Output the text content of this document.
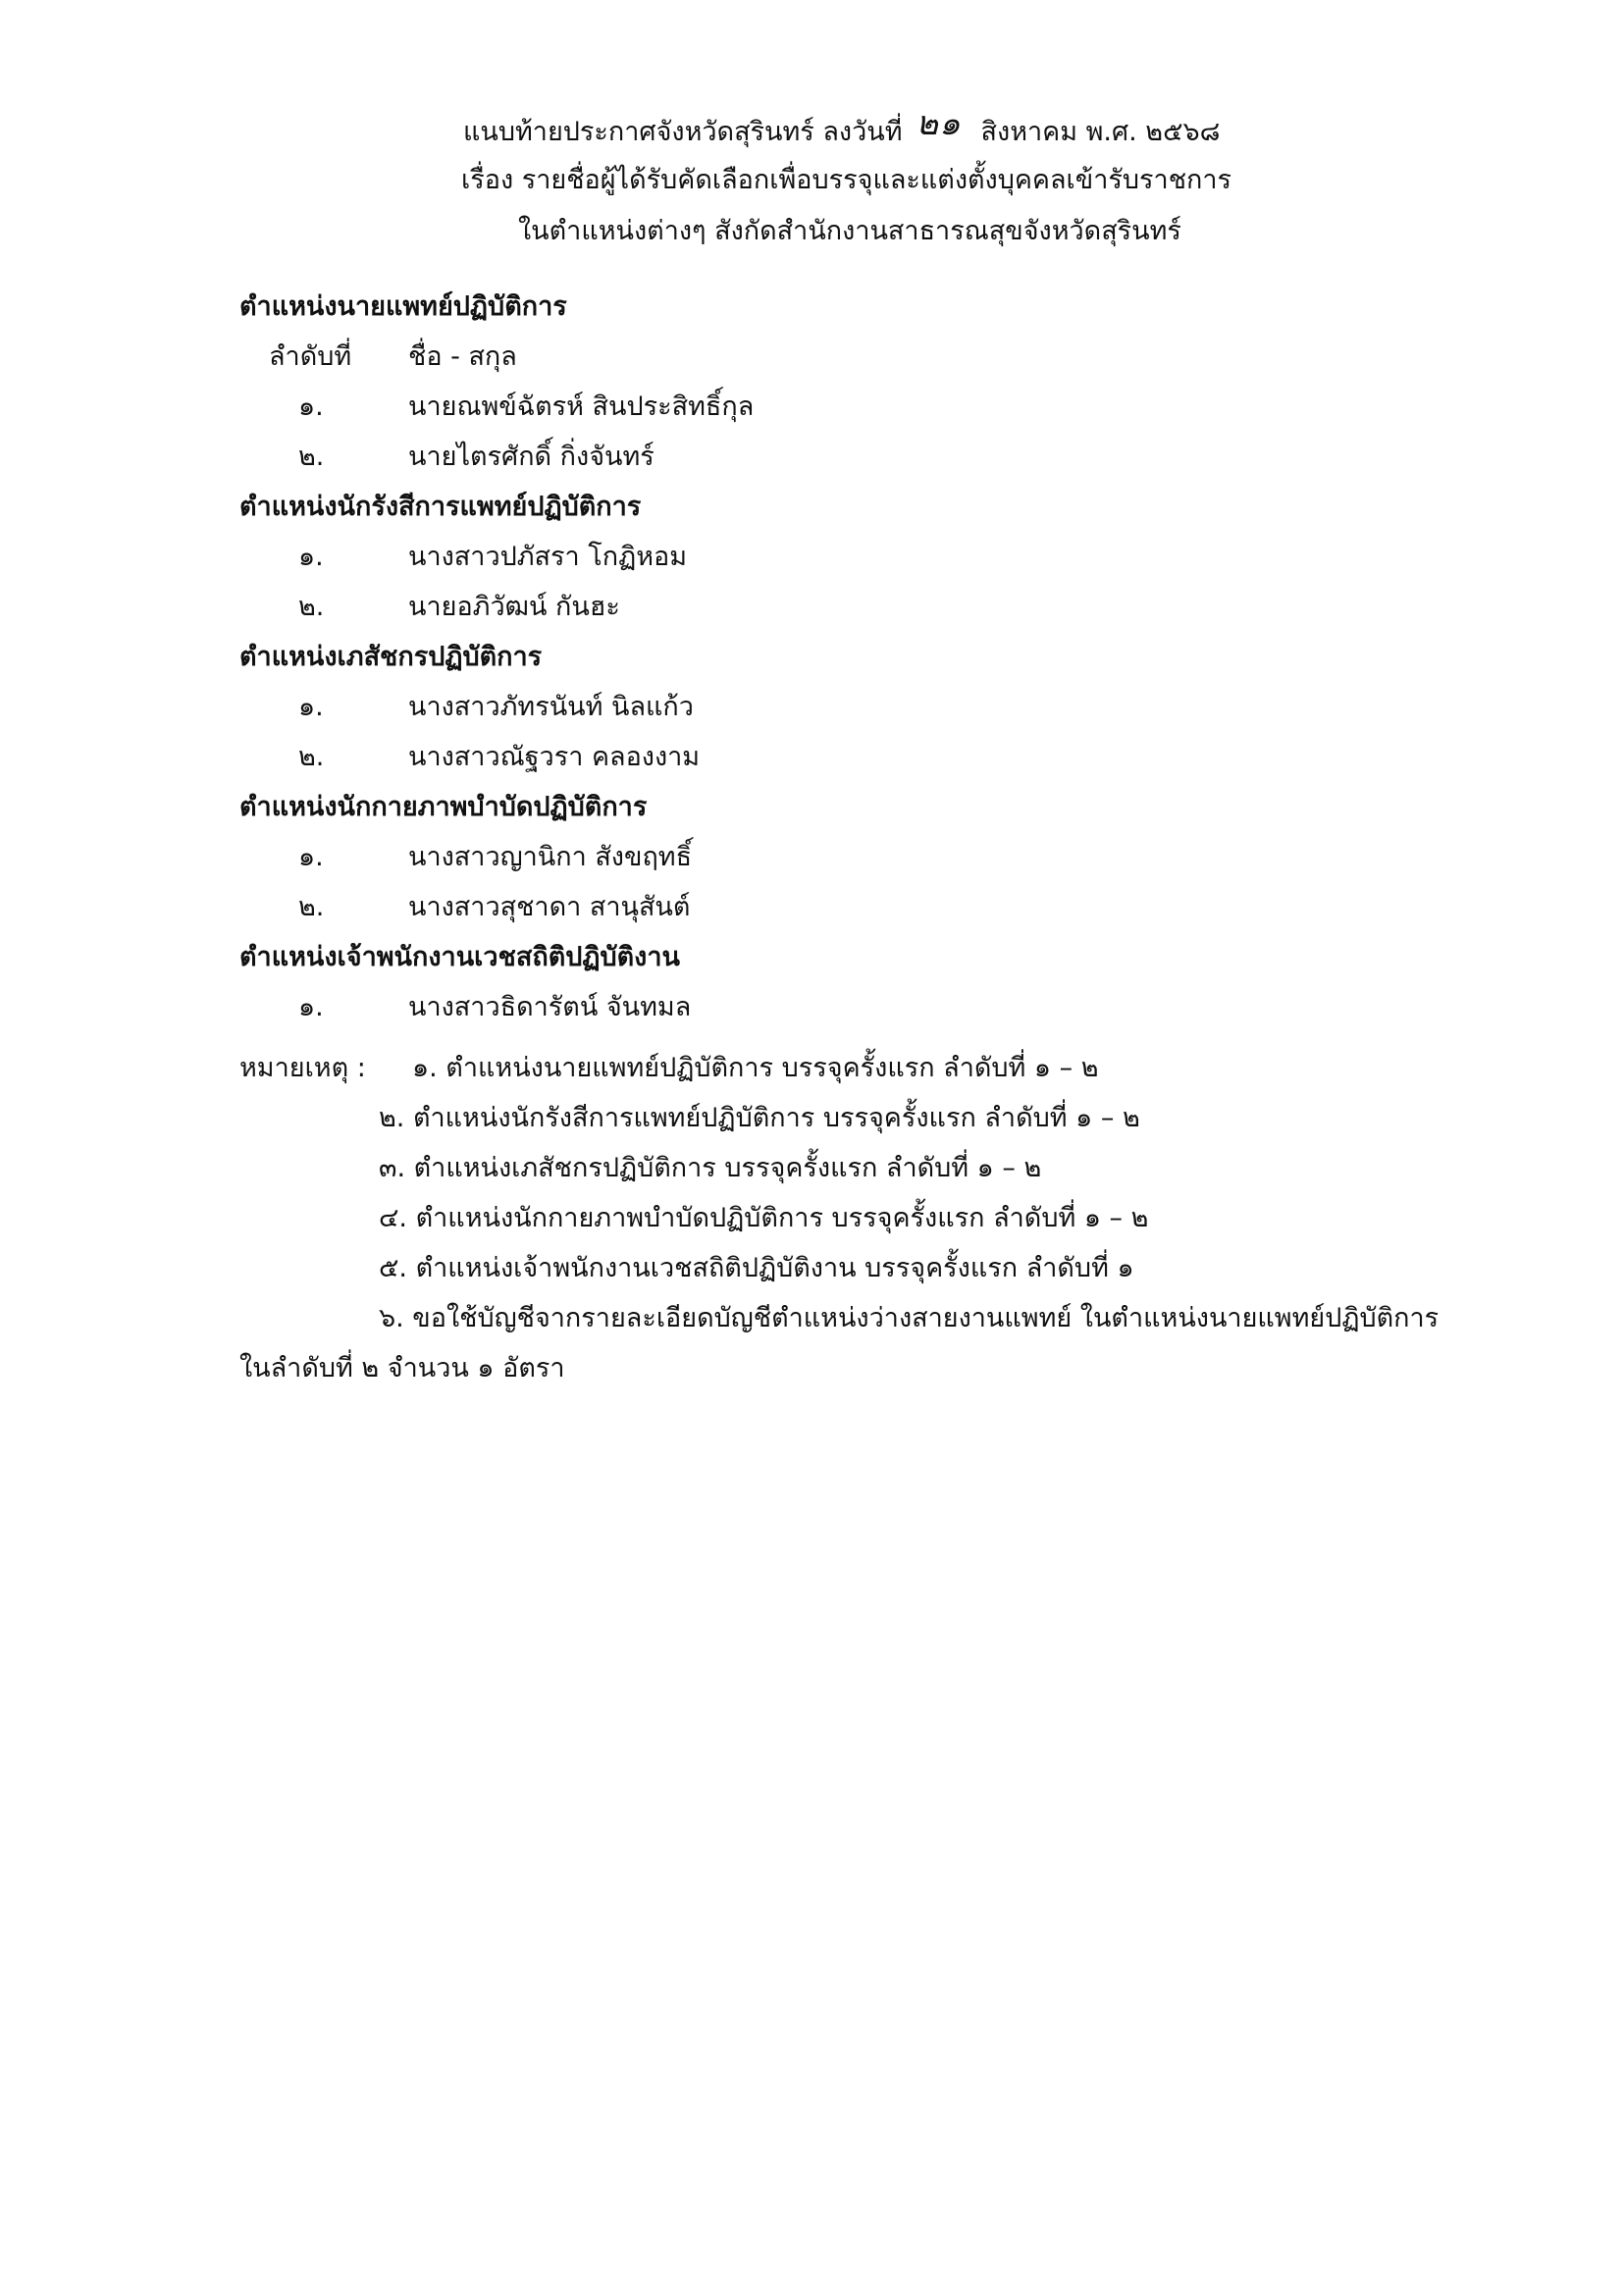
แนบท้ายประกาศจังหวัดสุรินทร์ ลงวันที่ ๒๑ สิงหาคม พ.ศ. ๒๕๖๘
เรื่อง รายชื่อผู้ได้รับคัดเลือกเพื่อบรรจุและแต่งตั้งบุคคลเข้ารับราชการ
ในตำแหน่งต่างๆ สังกัดสำนักงานสาธารณสุขจังหวัดสุรินทร์
ตำแหน่งนายแพทย์ปฏิบัติการ
ลำดับที่ ชื่อ - สกุล
๑.	นายณพข์ฉัตรห์ สินประสิทธิ์กุล
๒.	นายไตรศักดิ์ กิ่งจันทร์
ตำแหน่งนักรังสีการแพทย์ปฏิบัติการ
๑.	นางสาวปภัสรา โกฏิหอม
๒.	นายอภิวัฒน์ กันฮะ
ตำแหน่งเภสัชกรปฏิบัติการ
๑.	นางสาวภัทรนันท์ นิลแก้ว
๒.	นางสาวณัฐวรา คลองงาม
ตำแหน่งนักกายภาพบำบัดปฏิบัติการ
๑.	นางสาวญานิกา สังขฤทธิ์
๒.	นางสาวสุชาดา สานุสันต์
ตำแหน่งเจ้าพนักงานเวชสถิติปฏิบัติงาน
๑.	นางสาวธิดารัตน์ จันทมล
หมายเหตุ : ๑. ตำแหน่งนายแพทย์ปฏิบัติการ บรรจุครั้งแรก ลำดับที่ ๑ – ๒
๒. ตำแหน่งนักรังสีการแพทย์ปฏิบัติการ บรรจุครั้งแรก ลำดับที่ ๑ – ๒
๓. ตำแหน่งเภสัชกรปฏิบัติการ บรรจุครั้งแรก ลำดับที่ ๑ – ๒
๔. ตำแหน่งนักกายภาพบำบัดปฏิบัติการ บรรจุครั้งแรก ลำดับที่ ๑ – ๒
๕. ตำแหน่งเจ้าพนักงานเวชสถิติปฏิบัติงาน บรรจุครั้งแรก ลำดับที่ ๑
๖. ขอใช้บัญชีจากรายละเอียดบัญชีตำแหน่งว่างสายงานแพทย์ ในตำแหน่งนายแพทย์ปฏิบัติการ
ในลำดับที่ ๒ จำนวน ๑ อัตรา
